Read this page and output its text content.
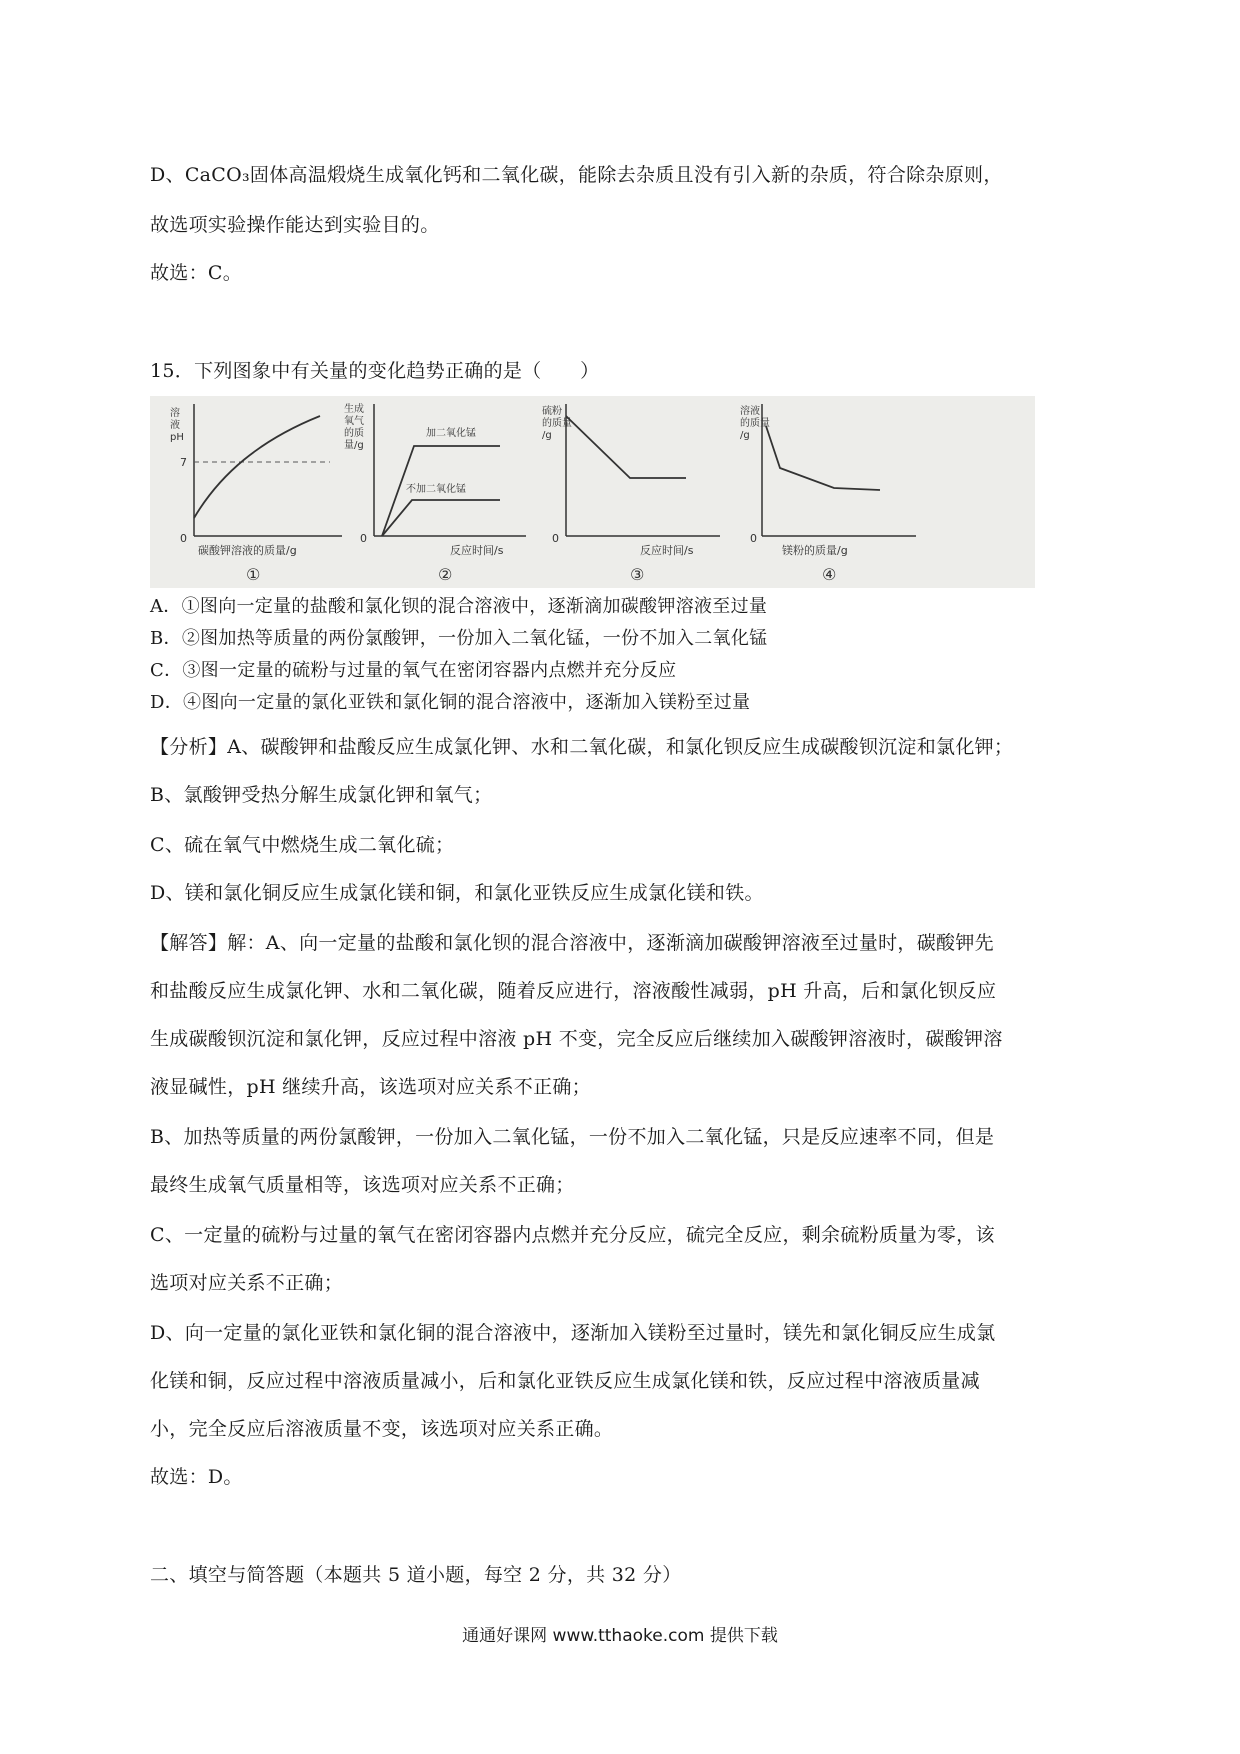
D、CaCO₃固体高温煅烧生成氧化钙和二氧化碳，能除去杂质且没有引入新的杂质，符合除杂原则，
故选项实验操作能达到实验目的。
故选：C。
15．下列图象中有关量的变化趋势正确的是（　　）
溶
液
pH
7
0
碳酸钾溶液的质量/g
①
生成
氧气
的质
量/g
加二氧化锰
不加二氧化锰
0
反应时间/s
②
硫粉
的质量
/g
0
反应时间/s
③
溶液
的质量
/g
0
镁粉的质量/g
④
A．①图向一定量的盐酸和氯化钡的混合溶液中，逐渐滴加碳酸钾溶液至过量
B．②图加热等质量的两份氯酸钾，一份加入二氧化锰，一份不加入二氧化锰
C．③图一定量的硫粉与过量的氧气在密闭容器内点燃并充分反应
D．④图向一定量的氯化亚铁和氯化铜的混合溶液中，逐渐加入镁粉至过量
【分析】A、碳酸钾和盐酸反应生成氯化钾、水和二氧化碳，和氯化钡反应生成碳酸钡沉淀和氯化钾；
B、氯酸钾受热分解生成氯化钾和氧气；
C、硫在氧气中燃烧生成二氧化硫；
D、镁和氯化铜反应生成氯化镁和铜，和氯化亚铁反应生成氯化镁和铁。
【解答】解：A、向一定量的盐酸和氯化钡的混合溶液中，逐渐滴加碳酸钾溶液至过量时，碳酸钾先
和盐酸反应生成氯化钾、水和二氧化碳，随着反应进行，溶液酸性减弱，pH 升高，后和氯化钡反应
生成碳酸钡沉淀和氯化钾，反应过程中溶液 pH 不变，完全反应后继续加入碳酸钾溶液时，碳酸钾溶
液显碱性，pH 继续升高，该选项对应关系不正确；
B、加热等质量的两份氯酸钾，一份加入二氧化锰，一份不加入二氧化锰，只是反应速率不同，但是
最终生成氧气质量相等，该选项对应关系不正确；
C、一定量的硫粉与过量的氧气在密闭容器内点燃并充分反应，硫完全反应，剩余硫粉质量为零，该
选项对应关系不正确；
D、向一定量的氯化亚铁和氯化铜的混合溶液中，逐渐加入镁粉至过量时，镁先和氯化铜反应生成氯
化镁和铜，反应过程中溶液质量减小，后和氯化亚铁反应生成氯化镁和铁，反应过程中溶液质量减
小，完全反应后溶液质量不变，该选项对应关系正确。
故选：D。
二、填空与简答题（本题共 5 道小题，每空 2 分，共 32 分）
通通好课网 www.tthaoke.com 提供下载
